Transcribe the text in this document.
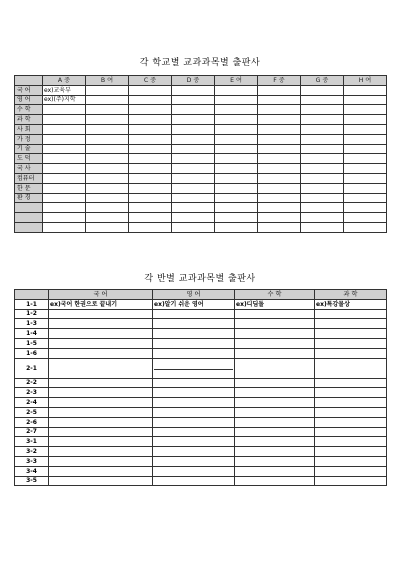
각 학교별 교과과목별 출판사
	A 중	B 여	C 중	D 중	E 여	F 중	G 중	H 여
국 어	ex)교육부							
영 어	ex)(주)지학							
수 학								
과 학								
사 회								
가 정								
기 술								
도 덕								
국 사								
컴퓨터								
한 문								
환 경								

각 반별 교과과목별 출판사
	국 어	영 어	수 학	과 학
1-1	ex)국어 한권으로 끝내기	ex)알기 쉬운 영어	ex)디딤돌	ex)특강물상
1-2				
1-3				
1-4				
1-5				
1-6				
2-1		

2-2				
2-3				
2-4				
2-5				
2-6				
2-7				
3-1				
3-2				
3-3				
3-4				
3-5				
